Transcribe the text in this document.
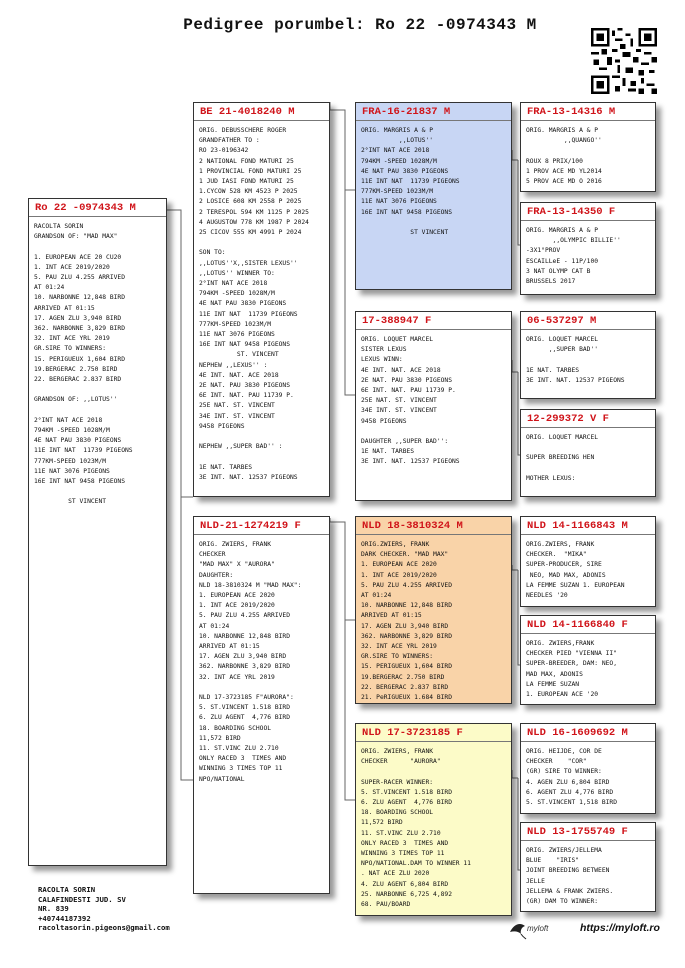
Pedigree porumbel: Ro 22 -0974343 M
Ro 22 -0974343 M
RACOLTA SORIN
GRANDSON OF: "MAD MAX"

1. EUROPEAN ACE 20 CU20
1. INT ACE 2019/2020
5. PAU ZLU 4.255 ARRIVED
AT 01:24
10. NARBONNE 12,848 BIRD
ARRIVED AT 01:15
17. AGEN ZLU 3,940 BIRD
362. NARBONNE 3,829 BIRD
32. INT ACE YRL 2019
GR.SIRE TO WINNERS:
15. PERIGUEUX 1,604 BIRD
19.BERGERAC 2.750 BIRD
22. BERGERAC 2.837 BIRD

GRANDSON OF: ,,LOTUS''

2°INT NAT ACE 2018
794KM -SPEED 1028M/M
4E NAT PAU 3830 PIGEONS
11E INT NAT  11739 PIGEONS
777KM-SPEED 1023M/M
11E NAT 3076 PIGEONS
16E INT NAT 9458 PIGEONS

ST VINCENT
BE 21-4018240 M
ORIG. DEBUSSCHERE ROGER
GRANDFATHER TO :
RO 23-0196342
2 NATIONAL FOND MATURI 25
1 PROVINCIAL FOND MATURI 25
1 JUD IASI FOND MATURI 25
1.CYCOW 528 KM 4523 P 2025
2 LOSICE 608 KM 2558 P 2025
2 TERESPOL 594 KM 1125 P 2025
4 AUGUSTOW 778 KM 1987 P 2024
25 CICOV 555 KM 4991 P 2024

SON TO:
,,LOTUS''X,,SISTER LEXUS''
,,LOTUS'' WINNER TO:
2°INT NAT ACE 2018
794KM -SPEED 1028M/M
4E NAT PAU 3830 PIGEONS
11E INT NAT  11739 PIGEONS
777KM-SPEED 1023M/M
11E NAT 3076 PIGEONS
16E INT NAT 9458 PIGEONS
ST. VINCENT
NEPHEW ,,LEXUS'' :
4E INT. NAT. ACE 2018
2E NAT. PAU 3830 PIGEONS
6E INT. NAT. PAU 11739 P.
25E NAT. ST. VINCENT
34E INT. ST. VINCENT
9458 PIGEONS

NEPHEW ,,SUPER BAD'' :

1E NAT. TARBES
3E INT. NAT. 12537 PIGEONS
NLD-21-1274219 F
ORIG. ZWIERS, FRANK
CHECKER
"MAD MAX" X "AURORA"
DAUGHTER:
NLD 18-3810324 M "MAD MAX":
1. EUROPEAN ACE 2020
1. INT ACE 2019/2020
5. PAU ZLU 4.255 ARRIVED
AT 01:24
10. NARBONNE 12,848 BIRD
ARRIVED AT 01:15
17. AGEN ZLU 3,940 BIRD
362. NARBONNE 3,829 BIRD
32. INT ACE YRL 2019

NLD 17-3723185 F"AURORA":
5. ST.VINCENT 1.518 BIRD
6. ZLU AGENT  4,776 BIRD
18. BOARDING SCHOOL
11,572 BIRD
11. ST.VINC ZLU 2.710
ONLY RACED 3  TIMES AND
WINNING 3 TIMES TOP 11
NPO/NATIONAL
FRA-16-21837 M
ORIG. MARGRIS A & P
,,LOTUS''
2°INT NAT ACE 2018
794KM -SPEED 1028M/M
4E NAT PAU 3830 PIGEONS
11E INT NAT  11739 PIGEONS
777KM-SPEED 1023M/M
11E NAT 3076 PIGEONS
16E INT NAT 9458 PIGEONS

ST VINCENT
17-388947 F
ORIG. LOQUET MARCEL
SISTER LEXUS
LEXUS WINN:
4E INT. NAT. ACE 2018
2E NAT. PAU 3830 PIGEONS
6E INT. NAT. PAU 11739 P.
25E NAT. ST. VINCENT
34E INT. ST. VINCENT
9458 PIGEONS

DAUGHTER ,,SUPER BAD'':
1E NAT. TARBES
3E INT. NAT. 12537 PIGEONS
NLD 18-3810324 M
ORIG.ZWIERS, FRANK
DARK CHECKER. "MAD MAX"
1. EUROPEAN ACE 2020
1. INT ACE 2019/2020
5. PAU ZLU 4.255 ARRIVED
AT 01:24
10. NARBONNE 12,848 BIRD
ARRIVED AT 01:15
17. AGEN ZLU 3,940 BIRD
362. NARBONNE 3,829 BIRD
32. INT ACE YRL 2019
GR.SIRE TO WINNERS:
15. PERIGUEUX 1,604 BIRD
19.BERGERAC 2.750 BIRD
22. BERGERAC 2.837 BIRD
21. PeRIGUEUX 1.684 BIRD
NLD 17-3723185 F
ORIG. ZWIERS, FRANK
CHECKER      "AURORA"

SUPER-RACER WINNER:
5. ST.VINCENT 1.518 BIRD
6. ZLU AGENT  4,776 BIRD
18. BOARDING SCHOOL
11,572 BIRD
11. ST.VINC ZLU 2.710
ONLY RACED 3  TIMES AND
WINNING 3 TIMES TOP 11
NPO/NATIONAL.DAM TO WINNER 11
. NAT ACE ZLU 2020
4. ZLU AGENT 6,804 BIRD
25. NARBONNE 6,725 4,892
68. PAU/BOARD
FRA-13-14316 M
ORIG. MARGRIS A & P
,,QUANGO''

ROUX 8 PRIX/100
1 PROV ACE MD YL2014
5 PROV ACE MD O 2016
FRA-13-14350 F
ORIG. MARGRIS A & P
,,OLYMPIC BILLIE''
-3X1°PROV
ESCAILLeE - 11P/100
3 NAT OLYMP CAT B
BRUSSELS 2017
06-537297 M
ORIG. LOQUET MARCEL
,,SUPER BAD''

1E NAT. TARBES
3E INT. NAT. 12537 PIGEONS
12-299372 V F
ORIG. LOQUET MARCEL

SUPER BREEDING HEN

MOTHER LEXUS:
NLD 14-1166843 M
ORIG.ZWIERS, FRANK
CHECKER.  "MIKA"
SUPER-PRODUCER, SIRE
NEO, MAD MAX, ADONIS
LA FEMME SUZAN 1. EUROPEAN
NEEDLES '20
NLD 14-1166840 F
ORIG. ZWIERS,FRANK
CHECKER PIED "VIENNA II"
SUPER-BREEDER, DAM: NEO,
MAD MAX, ADONIS
LA FEMME SUZAN
1. EUROPEAN ACE '20
NLD 16-1609692 M
ORIG. HEIJDE, COR DE
CHECKER    "COR"
(GR) SIRE TO WINNER:
4. AGEN ZLU 6,804 BIRD
6. AGENT ZLU 4,776 BIRD
5. ST.VINCENT 1,518 BIRD
NLD 13-1755749 F
ORIG. ZWIERS/JELLEMA
BLUE    "IRIS"
JOINT BREEDING BETWEEN
JELLE
JELLEMA & FRANK ZWIERS.
(GR) DAM TO WINNER:
RACOLTA SORIN
CALAFINDESTI JUD. SV
NR. 839
+40744187392
racoltasorin.pigeons@gmail.com	myloft	https://myloft.ro
